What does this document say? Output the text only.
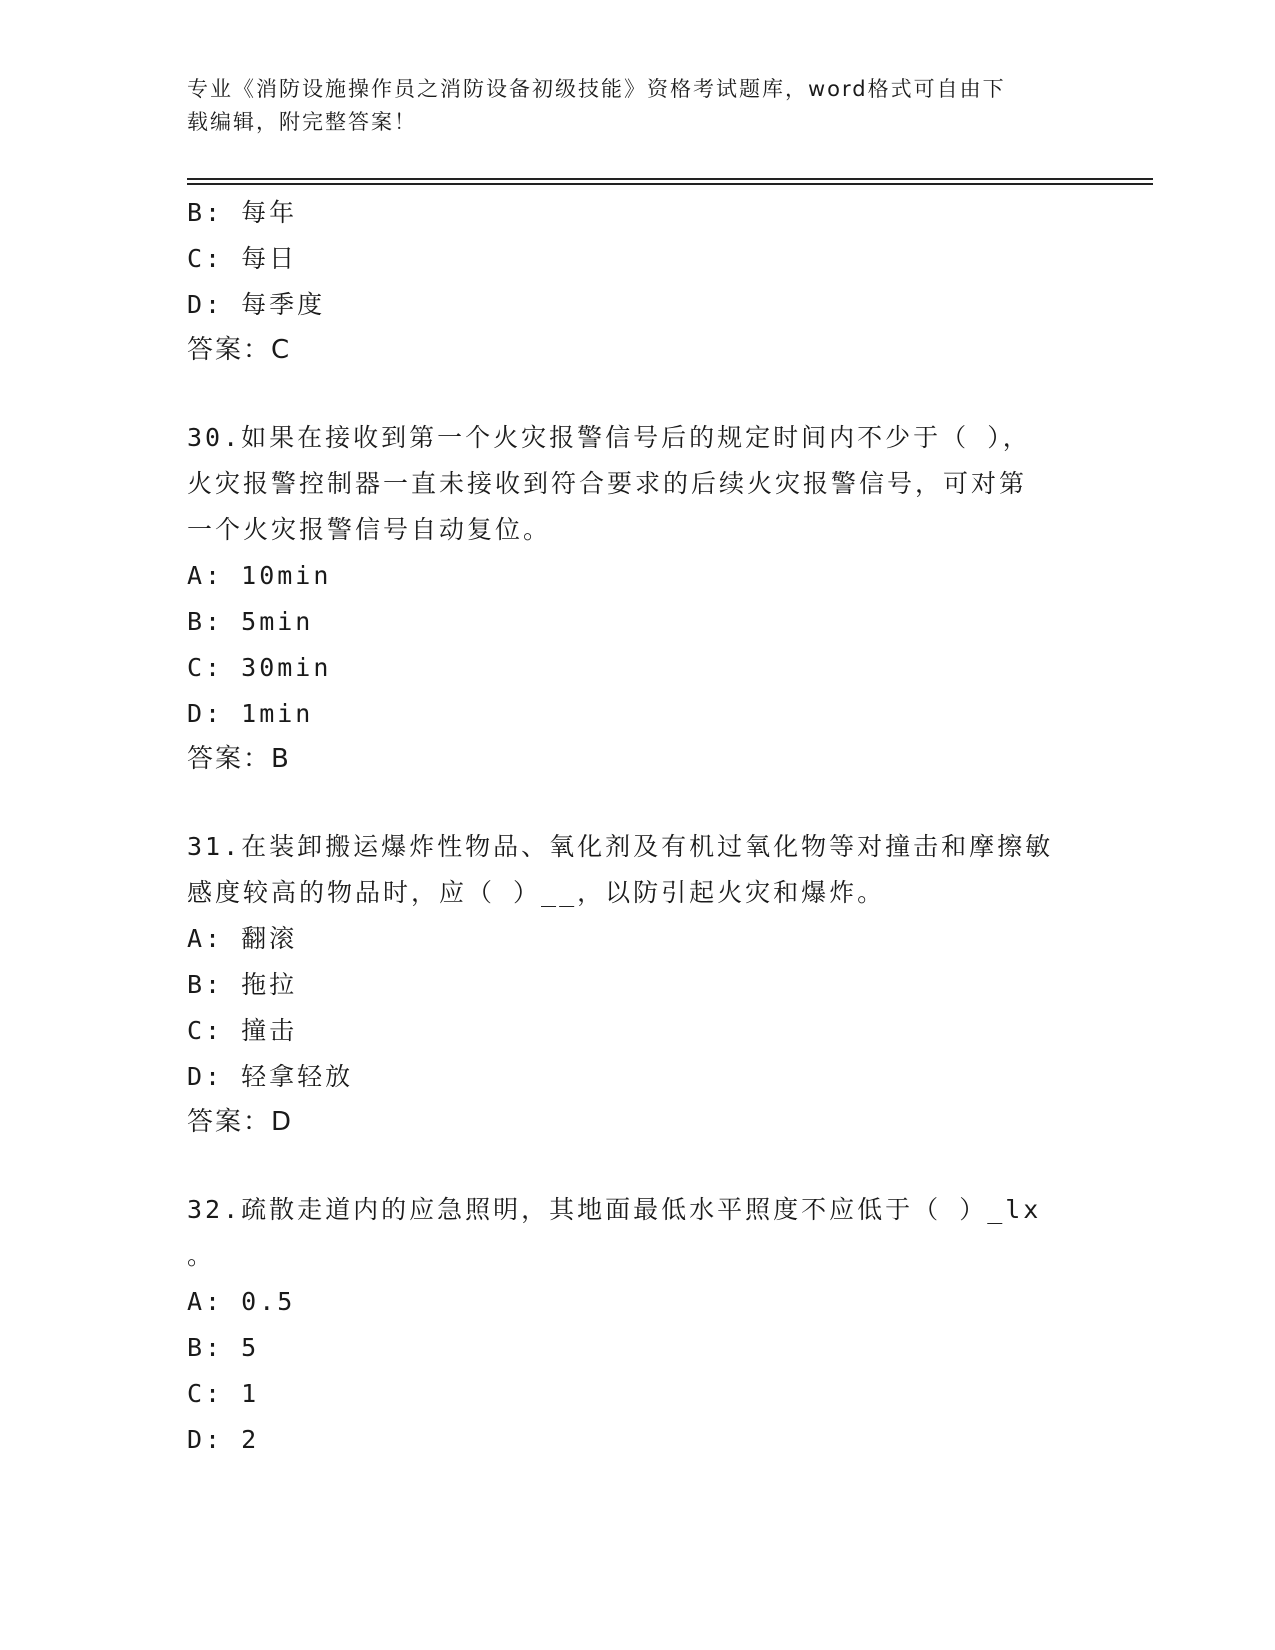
专业《消防设施操作员之消防设备初级技能》资格考试题库，word格式可自由下
载编辑，附完整答案！
B: 每年
C: 每日
D: 每季度
答案：C
30.如果在接收到第一个火灾报警信号后的规定时间内不少于（ ），
火灾报警控制器一直未接收到符合要求的后续火灾报警信号，可对第
一个火灾报警信号自动复位。
A: 10min
B: 5min
C: 30min
D: 1min
答案：B
31.在装卸搬运爆炸性物品、氧化剂及有机过氧化物等对撞击和摩擦敏
感度较高的物品时，应（ ）__，以防引起火灾和爆炸。
A: 翻滚
B: 拖拉
C: 撞击
D: 轻拿轻放
答案：D
32.疏散走道内的应急照明，其地面最低水平照度不应低于（ ）_lx
。
A: 0.5
B: 5
C: 1
D: 2
